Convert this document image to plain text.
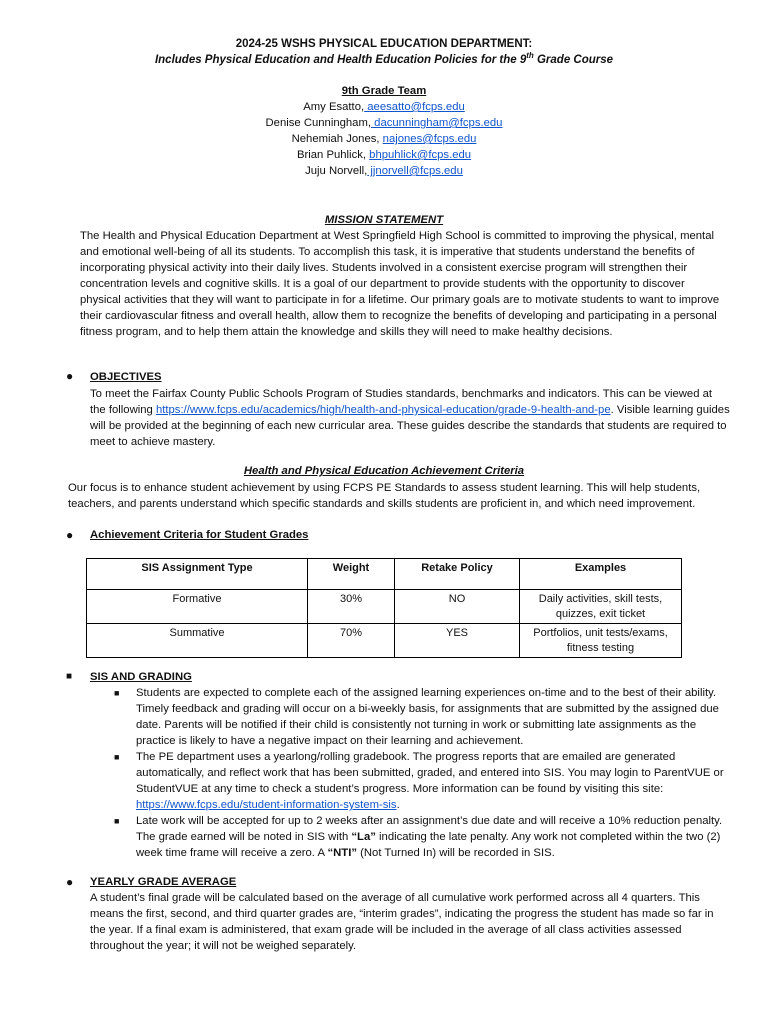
2024-25 WSHS PHYSICAL EDUCATION DEPARTMENT:
Includes Physical Education and Health Education Policies for the 9th Grade Course
9th Grade Team
Amy Esatto, aeesatto@fcps.edu
Denise Cunningham, dacunningham@fcps.edu
Nehemiah Jones, najones@fcps.edu
Brian Puhlick, bhpuhlick@fcps.edu
Juju Norvell, jjnorvell@fcps.edu
MISSION STATEMENT
The Health and Physical Education Department at West Springfield High School is committed to improving the physical, mental and emotional well-being of all its students. To accomplish this task, it is imperative that students understand the benefits of incorporating physical activity into their daily lives. Students involved in a consistent exercise program will strengthen their concentration levels and cognitive skills. It is a goal of our department to provide students with the opportunity to discover physical activities that they will want to participate in for a lifetime. Our primary goals are to motivate students to want to improve their cardiovascular fitness and overall health, allow them to recognize the benefits of developing and participating in a personal fitness program, and to help them attain the knowledge and skills they will need to make healthy decisions.
● OBJECTIVES
To meet the Fairfax County Public Schools Program of Studies standards, benchmarks and indicators. This can be viewed at the following https://www.fcps.edu/academics/high/health-and-physical-education/grade-9-health-and-pe. Visible learning guides will be provided at the beginning of each new curricular area. These guides describe the standards that students are required to meet to achieve mastery.
Health and Physical Education Achievement Criteria
Our focus is to enhance student achievement by using FCPS PE Standards to assess student learning. This will help students, teachers, and parents understand which specific standards and skills students are proficient in, and which need improvement.
● Achievement Criteria for Student Grades
SIS Assignment Type	Weight	Retake Policy	Examples
Formative	30%	NO	Daily activities, skill tests, quizzes, exit ticket
Summative	70%	YES	Portfolios, unit tests/exams, fitness testing
■ SIS AND GRADING
■ Students are expected to complete each of the assigned learning experiences on-time and to the best of their ability. Timely feedback and grading will occur on a bi-weekly basis, for assignments that are submitted by the assigned due date. Parents will be notified if their child is consistently not turning in work or submitting late assignments as the practice is likely to have a negative impact on their learning and achievement.
■ The PE department uses a yearlong/rolling gradebook. The progress reports that are emailed are generated automatically, and reflect work that has been submitted, graded, and entered into SIS. You may login to ParentVUE or StudentVUE at any time to check a student’s progress. More information can be found by visiting this site: https://www.fcps.edu/student-information-system-sis.
■ Late work will be accepted for up to 2 weeks after an assignment’s due date and will receive a 10% reduction penalty. The grade earned will be noted in SIS with “La” indicating the late penalty. Any work not completed within the two (2) week time frame will receive a zero. A “NTI” (Not Turned In) will be recorded in SIS.
● YEARLY GRADE AVERAGE
A student’s final grade will be calculated based on the average of all cumulative work performed across all 4 quarters. This means the first, second, and third quarter grades are, “interim grades”, indicating the progress the student has made so far in the year. If a final exam is administered, that exam grade will be included in the average of all class activities assessed throughout the year; it will not be weighed separately.
